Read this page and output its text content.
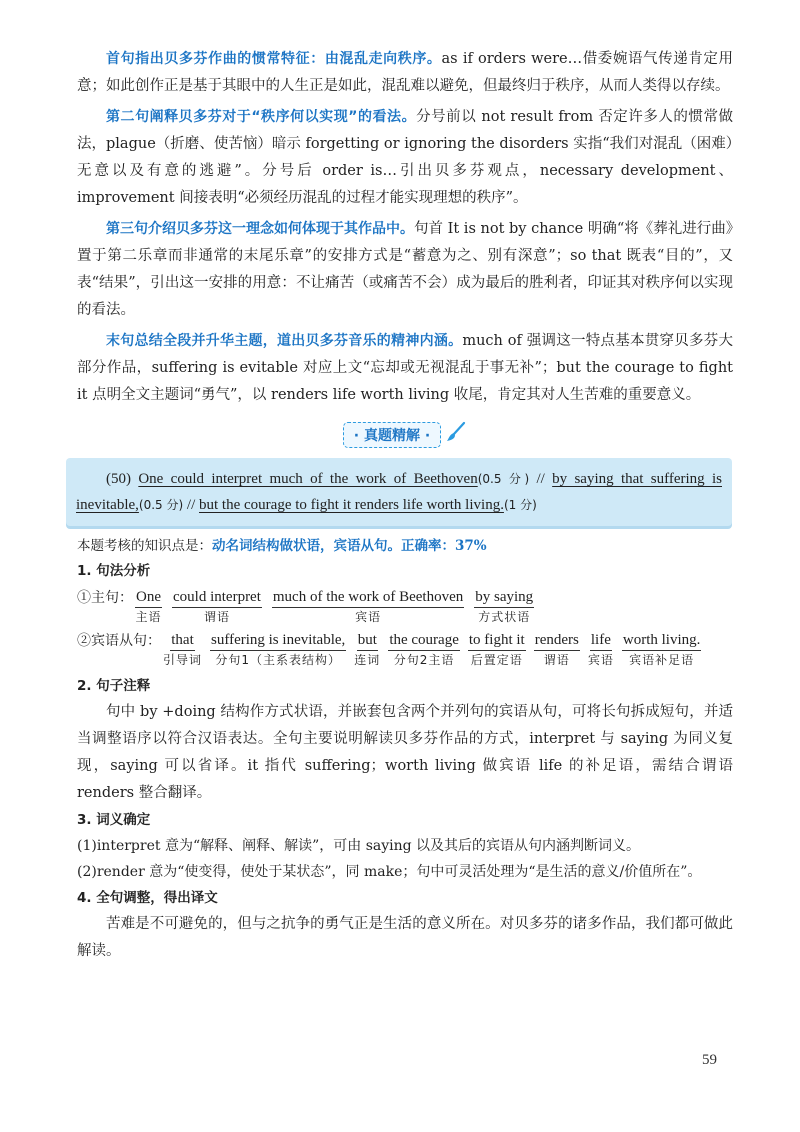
首句指出贝多芬作曲的惯常特征：由混乱走向秩序。as if orders were…借委婉语气传递肯定用意；如此创作正是基于其眼中的人生正是如此，混乱难以避免，但最终归于秩序，从而人类得以存续。

第二句阐释贝多芬对于“秩序何以实现”的看法。分号前以 not result from 否定许多人的惯常做法，plague（折磨、使苦恼）暗示 forgetting or ignoring the disorders 实指“我们对混乱（困难）无意以及有意的逃避”。分号后 order is…引出贝多芬观点，necessary development、improvement 间接表明“必须经历混乱的过程才能实现理想的秩序”。

第三句介绍贝多芬这一理念如何体现于其作品中。句首 It is not by chance 明确“将《葬礼进行曲》置于第二乐章而非通常的末尾乐章”的安排方式是“蓄意为之、别有深意”；so that 既表“目的”，又表“结果”，引出这一安排的用意：不让痛苦（或痛苦不会）成为最后的胜利者，印证其对秩序何以实现的看法。

末句总结全段并升华主题，道出贝多芬音乐的精神内涵。much of 强调这一特点基本贯穿贝多芬大部分作品，suffering is evitable 对应上文“忘却或无视混乱于事无补”；but the courage to fight it 点明全文主题词“勇气”，以 renders life worth living 收尾，肯定其对人生苦难的重要意义。

· 真题精解 ·

(50) One could interpret much of the work of Beethoven(0.5 分) // by saying that suffering is inevitable,(0.5 分) // but the courage to fight it renders life worth living.(1 分)

本题考核的知识点是：动名词结构做状语，宾语从句。正确率：37%

1. 句法分析
①主句： One
主语
could interpret
谓语
much of the work of Beethoven
宾语
by saying
方式状语
②宾语从句： that
引导词
suffering is inevitable,
分句1（主系表结构）
but
连词
the courage
分句2主语
to fight it
后置定语
renders
谓语
life
宾语
worth living.
宾语补足语
2. 句子注释

句中 by +doing 结构作方式状语，并嵌套包含两个并列句的宾语从句，可将长句拆成短句，并适当调整语序以符合汉语表达。全句主要说明解读贝多芬作品的方式，interpret 与 saying 为同义复现，saying 可以省译。it 指代 suffering；worth living 做宾语 life 的补足语，需结合谓语 renders 整合翻译。

3. 词义确定

(1)interpret 意为“解释、阐释、解读”，可由 saying 以及其后的宾语从句内涵判断词义。

(2)render 意为“使变得，使处于某状态”，同 make；句中可灵活处理为“是生活的意义/价值所在”。

4. 全句调整，得出译文

苦难是不可避免的，但与之抗争的勇气正是生活的意义所在。对贝多芬的诸多作品，我们都可做此解读。

59
